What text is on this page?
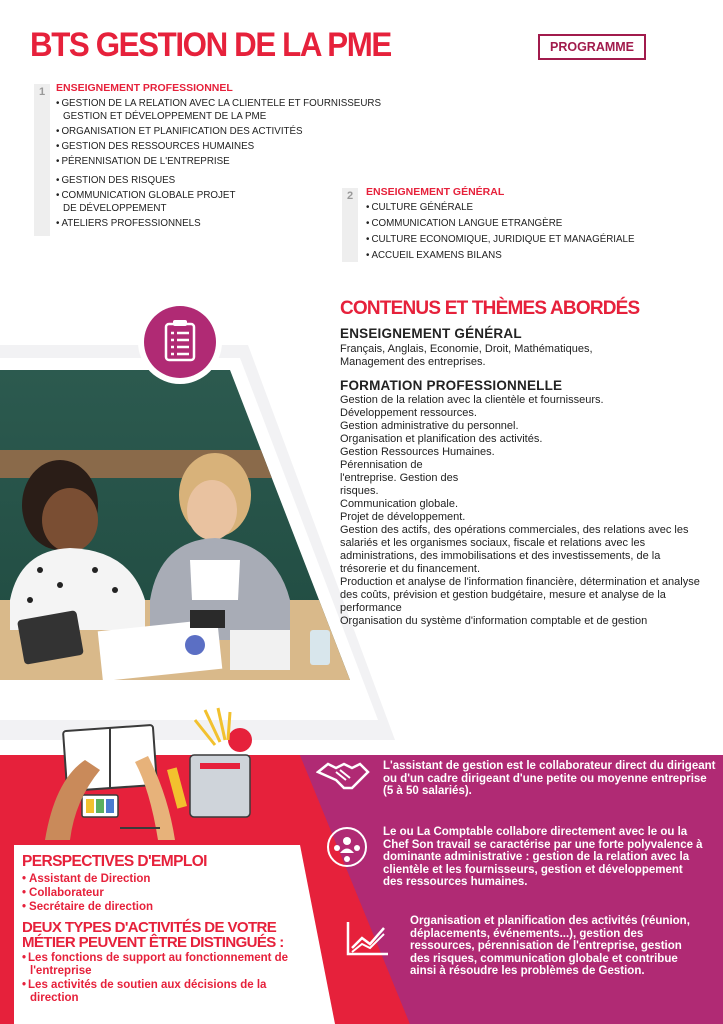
BTS GESTION DE LA PME	PROGRAMME
1	ENSEIGNEMENT PROFESSIONNEL
• GESTION DE LA RELATION AVEC LA CLIENTELE ET FOURNISSEURS GESTION ET DÉVELOPPEMENT DE LA PME
• ORGANISATION ET PLANIFICATION DES ACTIVITÉS
• GESTION DES RESSOURCES HUMAINES
• PÉRENNISATION DE L'ENTREPRISE
• GESTION DES RISQUES
• COMMUNICATION GLOBALE PROJET DE DÉVELOPPEMENT
• ATELIERS PROFESSIONNELS
2	ENSEIGNEMENT GÉNÉRAL
• CULTURE GÉNÉRALE
• COMMUNICATION LANGUE ETRANGÈRE
• CULTURE ECONOMIQUE, JURIDIQUE ET MANAGÉRIALE
• ACCUEIL EXAMENS BILANS
CONTENUS ET THÈMES ABORDÉS
ENSEIGNEMENT GÉNÉRAL
Français, Anglais, Economie, Droit, Mathématiques, Management des entreprises.
FORMATION PROFESSIONNELLE
Gestion de la relation avec la clientèle et fournisseurs.
Développement ressources.
Gestion administrative du personnel.
Organisation et planification des activités.
Gestion Ressources Humaines.
Pérennisation de
l'entreprise. Gestion des
risques.
Communication globale.
Projet de développement.
Gestion des actifs, des opérations commerciales, des relations avec les salariés et les organismes sociaux, fiscale et relations avec les administrations, des immobilisations et des investissements, de la trésorerie et du financement.
Production et analyse de l'information financière, détermination et analyse des coûts, prévision et gestion budgétaire, mesure et analyse de la performance
Organisation du système d'information comptable et de gestion
PERSPECTIVES D'EMPLOI
• Assistant de Direction
• Collaborateur
• Secrétaire de direction
DEUX TYPES D'ACTIVITÉS DE VOTRE MÉTIER PEUVENT ÊTRE DISTINGUÉS :
• Les fonctions de support au fonctionnement de l'entreprise
• Les activités de soutien aux décisions de la direction
L'assistant de gestion est le collaborateur direct du dirigeant ou d'un cadre dirigeant d'une petite ou moyenne entreprise (5 à 50 salariés).
Le ou La Comptable collabore directement avec le ou la Chef Son travail se caractérise par une forte polyvalence à dominante administrative : gestion de la relation avec la clientèle et les fournisseurs, gestion et développement des ressources humaines.
Organisation et planification des activités (réunion, déplacements, événements...), gestion des ressources, pérennisation de l'entreprise, gestion des risques, communication globale et contribue ainsi à résoudre les problèmes de Gestion.
